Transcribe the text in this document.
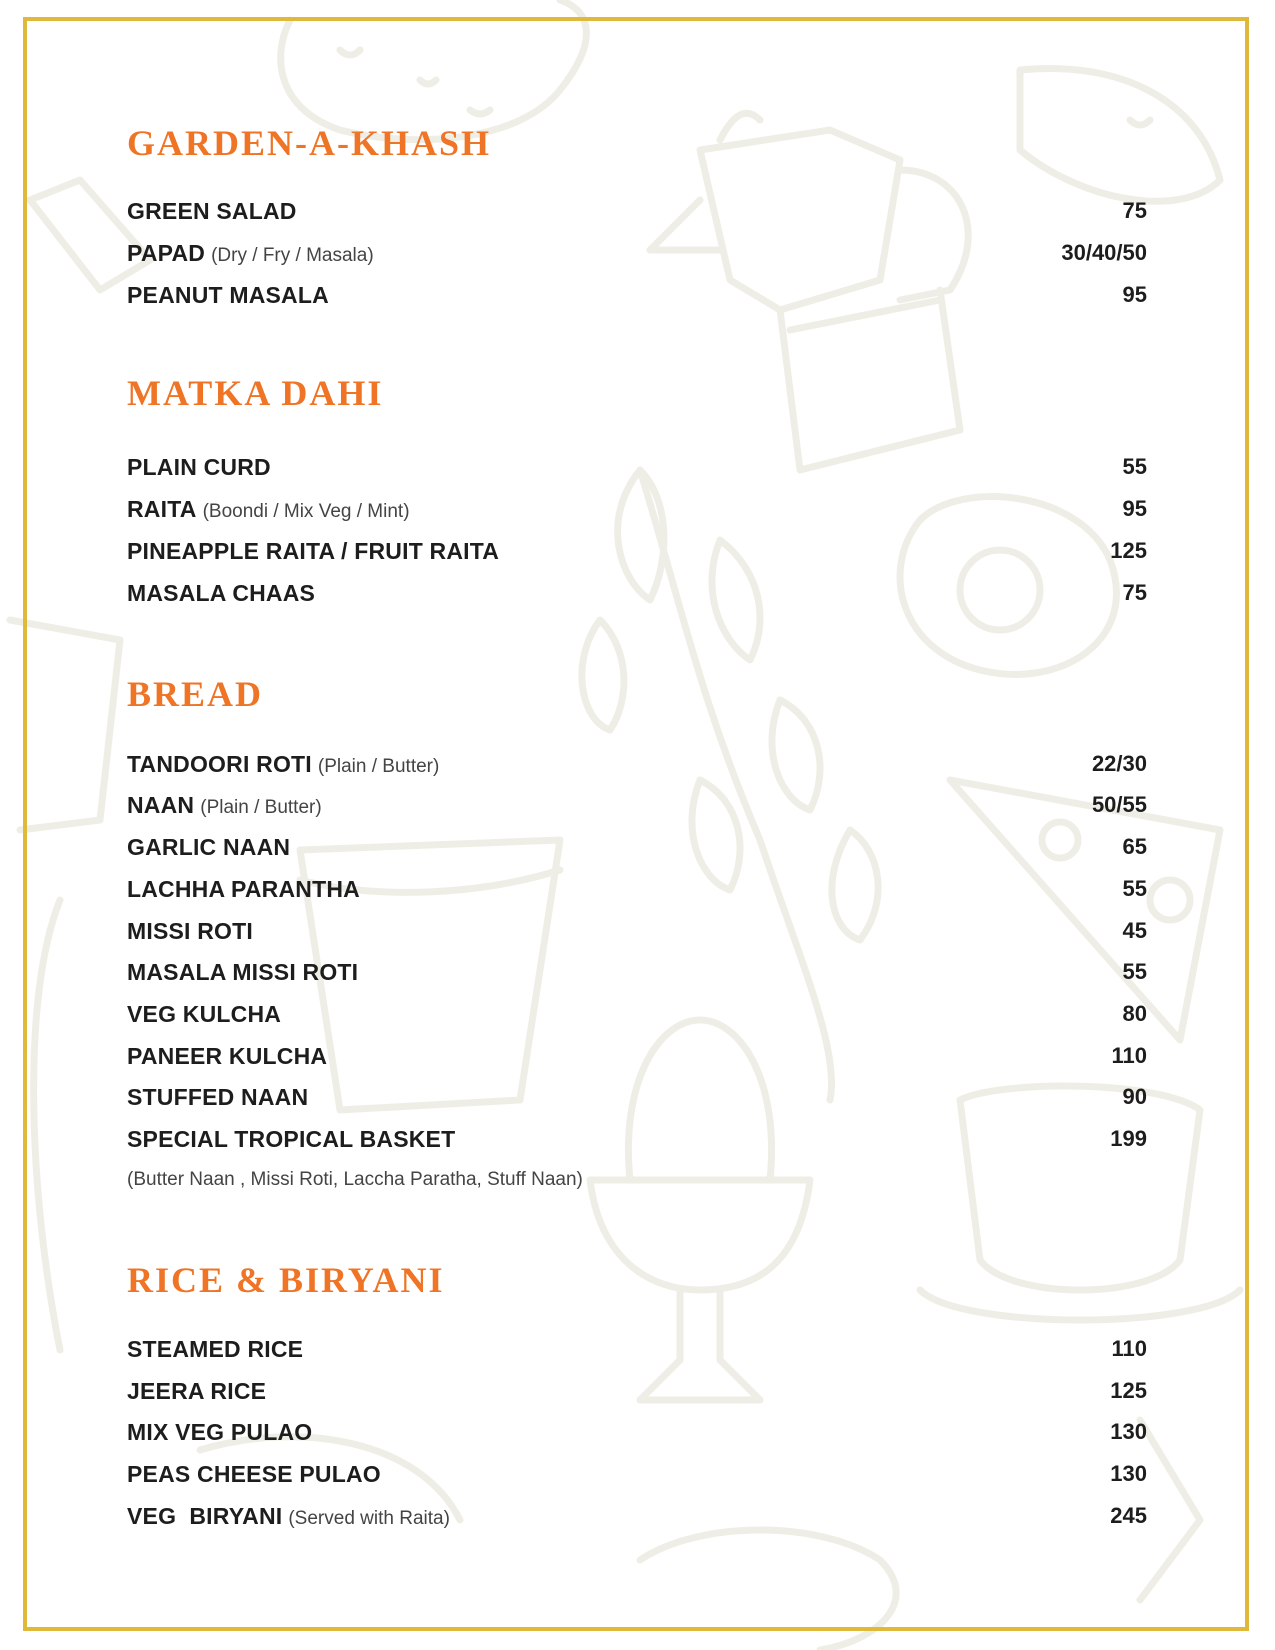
GARDEN-A-KHASH
GREEN SALAD	75
PAPAD (Dry / Fry / Masala)	30/40/50
PEANUT MASALA	95
MATKA DAHI
PLAIN CURD	55
RAITA (Boondi / Mix Veg / Mint)	95
PINEAPPLE RAITA / FRUIT RAITA	125
MASALA CHAAS	75
BREAD
TANDOORI ROTI (Plain / Butter)	22/30
NAAN (Plain / Butter)	50/55
GARLIC NAAN	65
LACHHA PARANTHA	55
MISSI ROTI	45
MASALA MISSI ROTI	55
VEG KULCHA	80
PANEER KULCHA	110
STUFFED NAAN	90
SPECIAL TROPICAL BASKET	199
(Butter Naan , Missi Roti, Laccha Paratha, Stuff Naan)
RICE & BIRYANI
STEAMED RICE	110
JEERA RICE	125
MIX VEG PULAO	130
PEAS CHEESE PULAO	130
VEG  BIRYANI (Served with Raita)	245
